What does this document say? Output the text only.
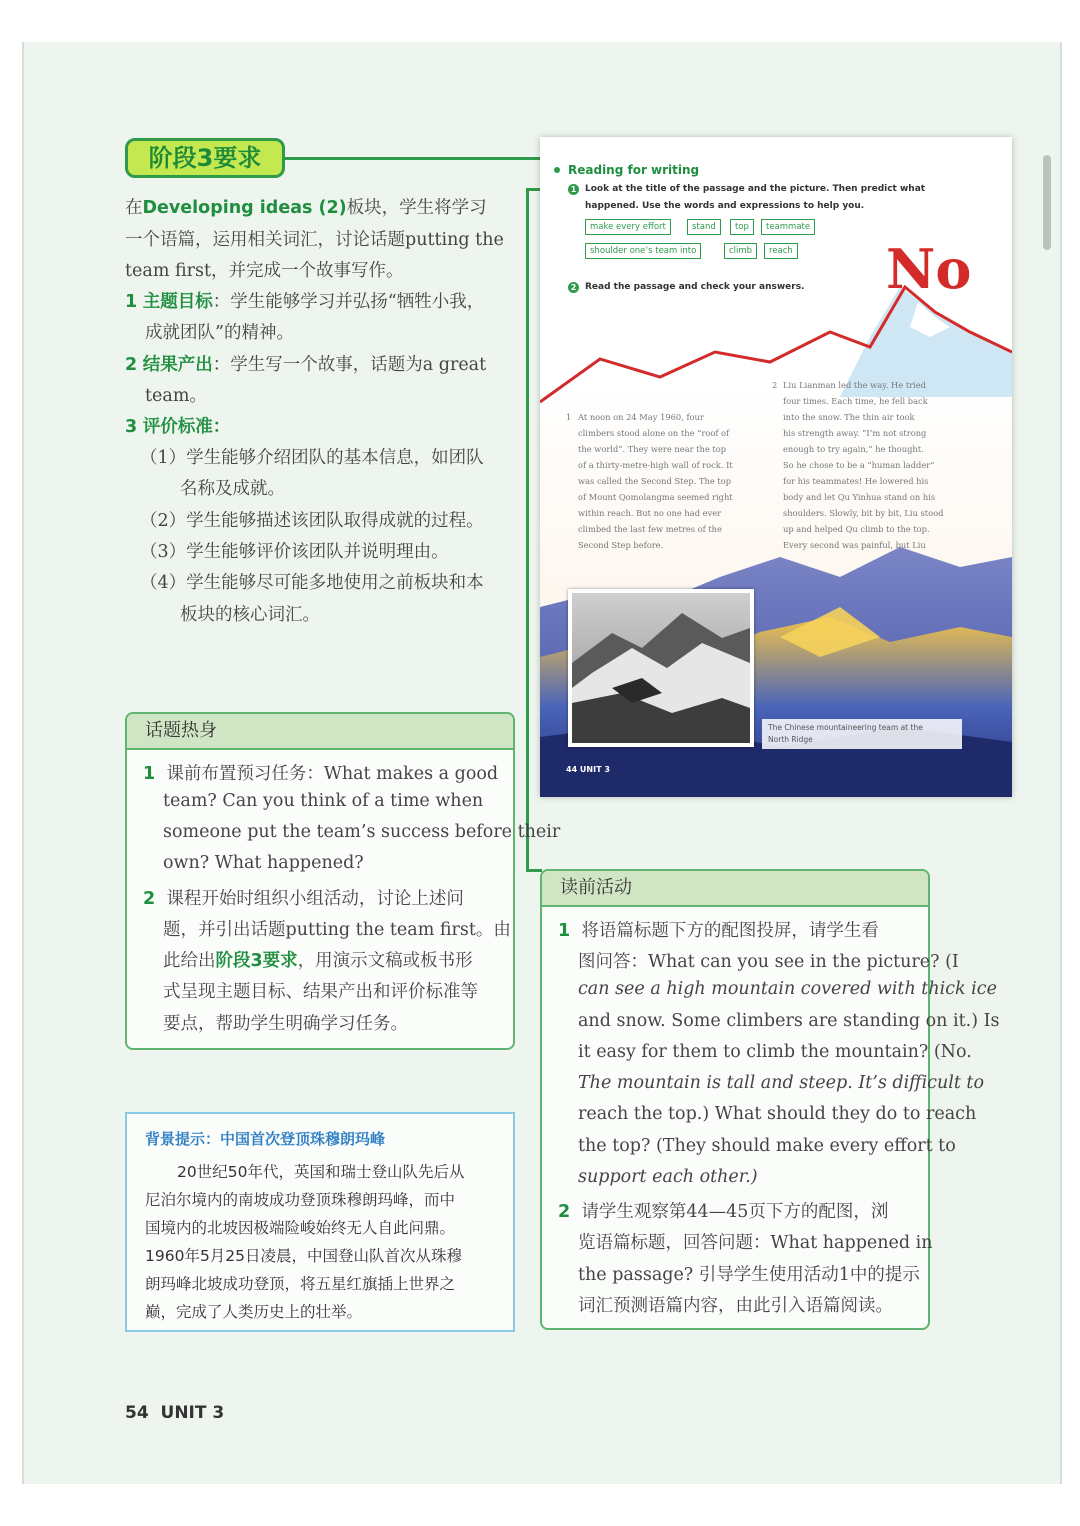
阶段3要求
在Developing ideas (2)板块，学生将学习
一个语篇，运用相关词汇，讨论话题putting the
team first，并完成一个故事写作。
1 主题目标：学生能够学习并弘扬“牺牲小我，
成就团队”的精神。
2 结果产出：学生写一个故事，话题为a great
team。
3 评价标准：
（1）学生能够介绍团队的基本信息，如团队
名称及成就。
（2）学生能够描述该团队取得成就的过程。
（3）学生能够评价该团队并说明理由。
（4）学生能够尽可能多地使用之前板块和本
板块的核心词汇。
话题热身
1 课前布置预习任务：What makes a good
team? Can you think of a time when
someone put the team’s success before their
own? What happened?
2 课程开始时组织小组活动，讨论上述问
题，并引出话题putting the team first。由
此给出阶段3要求，用演示文稿或板书形
式呈现主题目标、结果产出和评价标准等
要点，帮助学生明确学习任务。
背景提示：中国首次登顶珠穆朗玛峰
20世纪50年代，英国和瑞士登山队先后从
尼泊尔境内的南坡成功登顶珠穆朗玛峰，而中
国境内的北坡因极端险峻始终无人自此问鼎。
1960年5月25日凌晨，中国登山队首次从珠穆
朗玛峰北坡成功登顶，将五星红旗插上世界之
巅，完成了人类历史上的壮举。
读前活动
1 将语篇标题下方的配图投屏，请学生看
图问答：What can you see in the picture? (I
can see a high mountain covered with thick ice
and snow. Some climbers are standing on it.) Is
it easy for them to climb the mountain? (No.
The mountain is tall and steep. It’s difficult to
reach the top.) What should they do to reach
the top? (They should make every effort to
support each other.)
2 请学生观察第44—45页下方的配图，浏
览语篇标题，回答问题：What happened in
the passage? 引导学生使用活动1中的提示
词汇预测语篇内容，由此引入语篇阅读。
Reading for writing
1 Look at the title of the passage and the picture. Then predict what
happened. Use the words and expressions to help you.
make every effort	stand	top	teammate
shoulder one’s team into	climb	reach
2 Read the passage and check your answers. No
1 At noon on 24 May 1960, four
climbers stood alone on the “roof of
the world”. They were near the top
of a thirty-metre-high wall of rock. It
was called the Second Step. The top
of Mount Qomolangma seemed right
within reach. But no one had ever
climbed the last few metres of the
Second Step before.
2 Liu Lianman led the way. He tried
four times. Each time, he fell back
into the snow. The thin air took
his strength away. “I’m not strong
enough to try again,” he thought.
So he chose to be a “human ladder”
for his teammates! He lowered his
body and let Qu Yinhua stand on his
shoulders. Slowly, bit by bit, Liu stood
up and helped Qu climb to the top.
Every second was painful, but Liu
The Chinese mountaineering team at the
North Ridge
44 UNIT 3
54 UNIT 3
